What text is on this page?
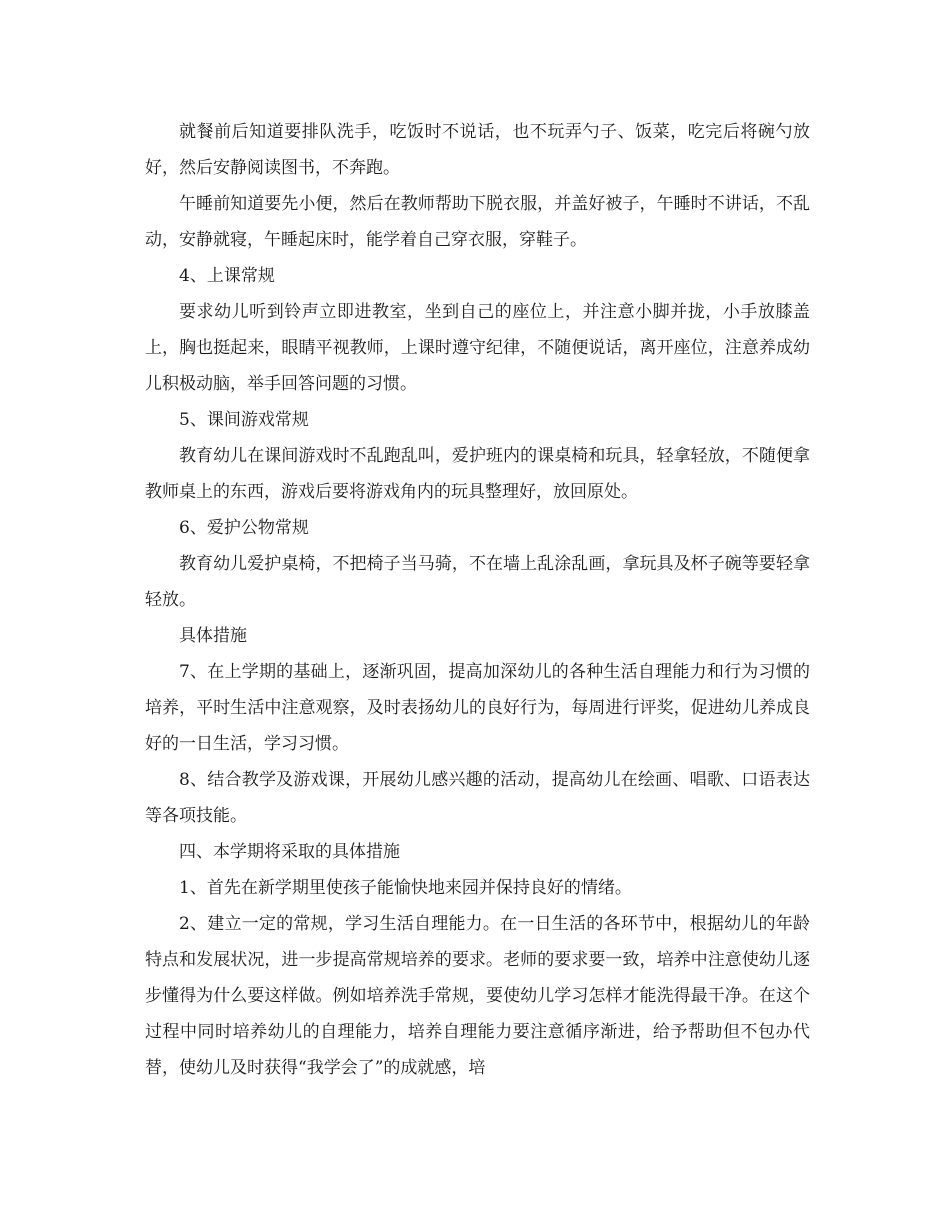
就餐前后知道要排队洗手，吃饭时不说话，也不玩弄勺子、饭菜，吃完后将碗勺放好，然后安静阅读图书，不奔跑。

午睡前知道要先小便，然后在教师帮助下脱衣服，并盖好被子，午睡时不讲话，不乱动，安静就寝，午睡起床时，能学着自己穿衣服，穿鞋子。

4、上课常规

要求幼儿听到铃声立即进教室，坐到自己的座位上，并注意小脚并拢，小手放膝盖上，胸也挺起来，眼睛平视教师，上课时遵守纪律，不随便说话，离开座位，注意养成幼儿积极动脑，举手回答问题的习惯。

5、课间游戏常规

教育幼儿在课间游戏时不乱跑乱叫，爱护班内的课桌椅和玩具，轻拿轻放，不随便拿教师桌上的东西，游戏后要将游戏角内的玩具整理好，放回原处。

6、爱护公物常规

教育幼儿爱护桌椅，不把椅子当马骑，不在墙上乱涂乱画，拿玩具及杯子碗等要轻拿轻放。

具体措施

7、在上学期的基础上，逐渐巩固，提高加深幼儿的各种生活自理能力和行为习惯的培养，平时生活中注意观察，及时表扬幼儿的良好行为，每周进行评奖，促进幼儿养成良好的一日生活，学习习惯。

8、结合教学及游戏课，开展幼儿感兴趣的活动，提高幼儿在绘画、唱歌、口语表达等各项技能。

四、本学期将采取的具体措施

1、首先在新学期里使孩子能愉快地来园并保持良好的情绪。

2、建立一定的常规，学习生活自理能力。在一日生活的各环节中，根据幼儿的年龄特点和发展状况，进一步提高常规培养的要求。老师的要求要一致，培养中注意使幼儿逐步懂得为什么要这样做。例如培养洗手常规，要使幼儿学习怎样才能洗得最干净。在这个过程中同时培养幼儿的自理能力，培养自理能力要注意循序渐进，给予帮助但不包办代替，使幼儿及时获得“我学会了”的成就感，培
